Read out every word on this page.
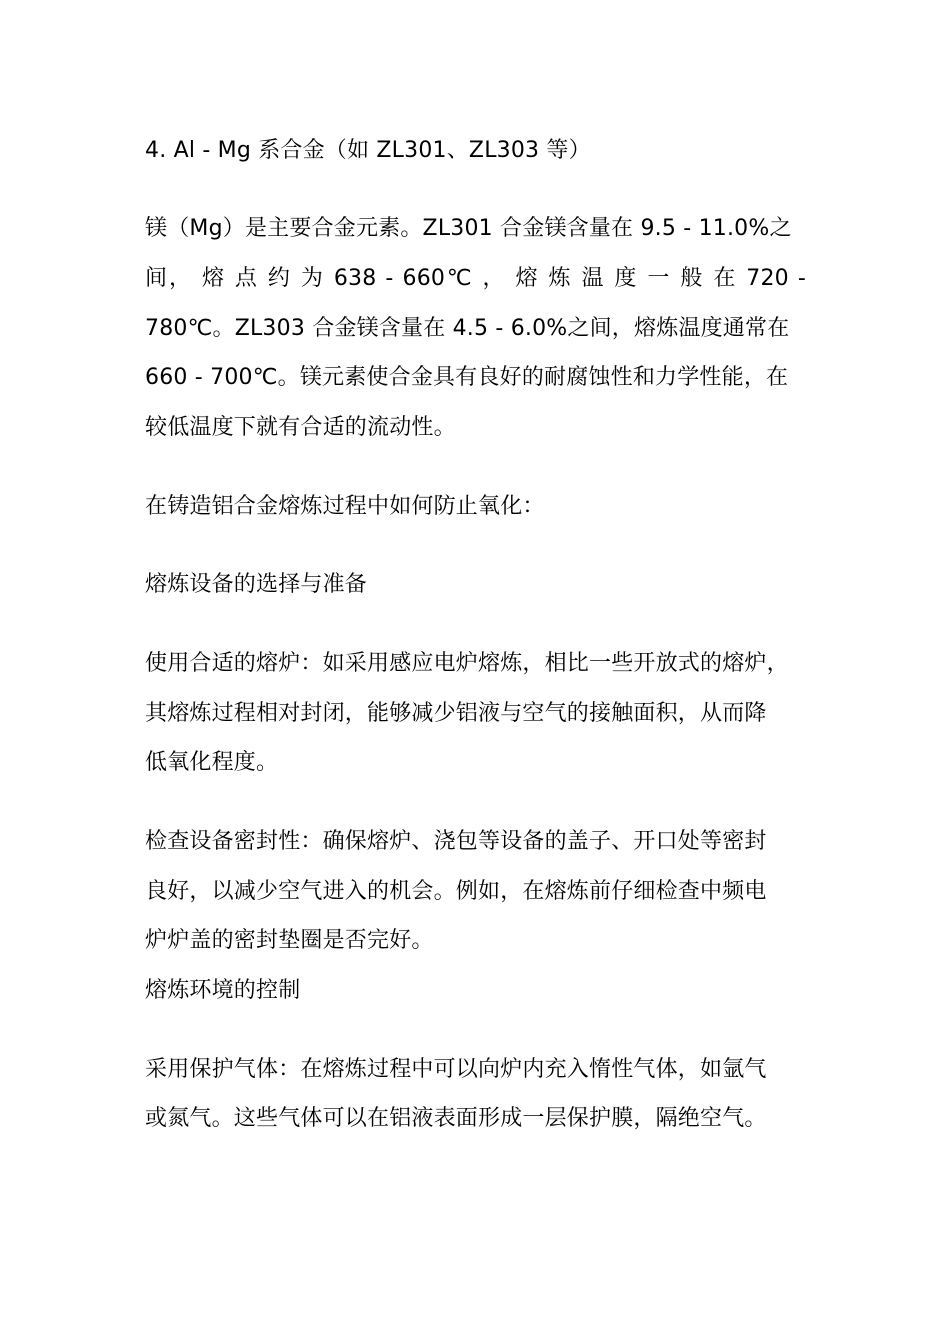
4. Al - Mg 系合金（如 ZL301、ZL303 等）
镁（Mg）是主要合金元素。ZL301 合金镁含量在 9.5 - 11.0%之
间， 熔 点 约 为 638 - 660℃ ， 熔 炼 温 度 一 般 在 720 -
780℃。ZL303 合金镁含量在 4.5 - 6.0%之间，熔炼温度通常在
660 - 700℃。镁元素使合金具有良好的耐腐蚀性和力学性能，在
较低温度下就有合适的流动性。
在铸造铝合金熔炼过程中如何防止氧化：
熔炼设备的选择与准备
使用合适的熔炉：如采用感应电炉熔炼，相比一些开放式的熔炉，
其熔炼过程相对封闭，能够减少铝液与空气的接触面积，从而降
低氧化程度。
检查设备密封性：确保熔炉、浇包等设备的盖子、开口处等密封
良好，以减少空气进入的机会。例如，在熔炼前仔细检查中频电
炉炉盖的密封垫圈是否完好。
熔炼环境的控制
采用保护气体：在熔炼过程中可以向炉内充入惰性气体，如氩气
或氮气。这些气体可以在铝液表面形成一层保护膜，隔绝空气。
